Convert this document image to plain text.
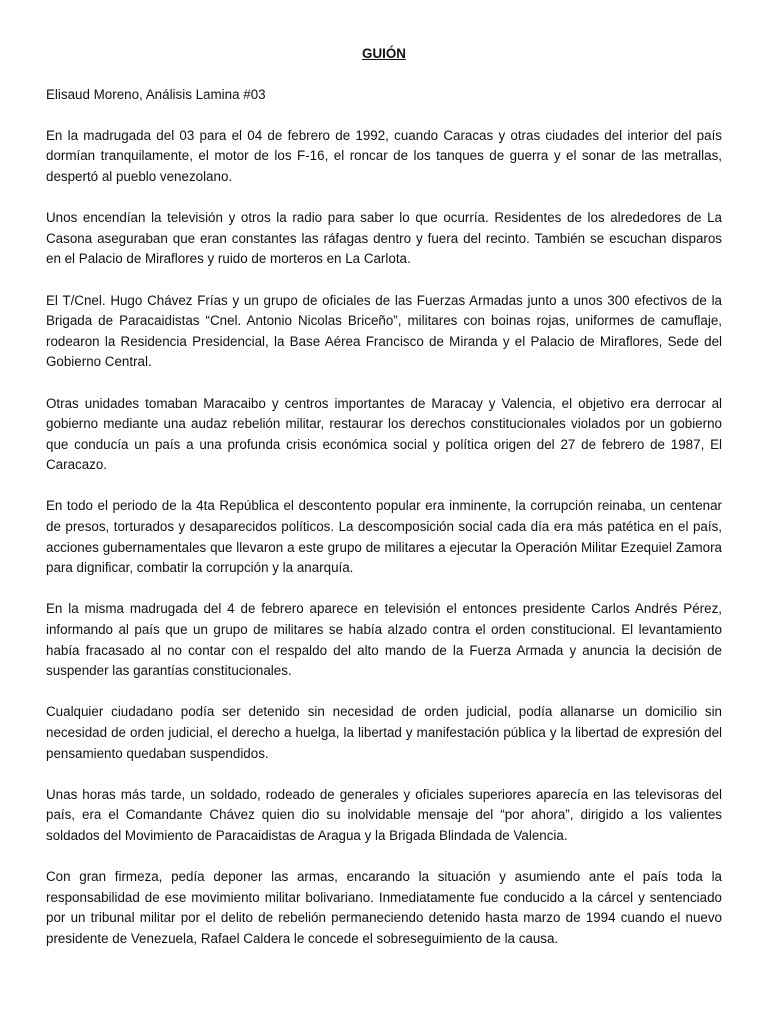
GUIÓN
Elisaud Moreno, Análisis Lamina #03

En la madrugada del 03 para el 04 de febrero de 1992, cuando Caracas y otras ciudades del interior del país dormían tranquilamente, el motor de los F-16, el roncar de los tanques de guerra y el sonar de las metrallas, despertó al pueblo venezolano.

Unos encendían la televisión y otros la radio para saber lo que ocurría. Residentes de los alrededores de La Casona aseguraban que eran constantes las ráfagas dentro y fuera del recinto. También se escuchan disparos en el Palacio de Miraflores y ruido de morteros en La Carlota.

El T/Cnel. Hugo Chávez Frías y un grupo de oficiales de las Fuerzas Armadas junto a unos 300 efectivos de la Brigada de Paracaidistas “Cnel. Antonio Nicolas Briceño”, militares con boinas rojas, uniformes de camuflaje, rodearon la Residencia Presidencial, la Base Aérea Francisco de Miranda y el Palacio de Miraflores, Sede del Gobierno Central.

Otras unidades tomaban Maracaibo y centros importantes de Maracay y Valencia, el objetivo era derrocar al gobierno mediante una audaz rebelión militar, restaurar los derechos constitucionales violados por un gobierno que conducía un país a una profunda crisis económica social y política origen del 27 de febrero de 1987, El Caracazo.

En todo el periodo de la 4ta República el descontento popular era inminente, la corrupción reinaba, un centenar de presos, torturados y desaparecidos políticos. La descomposición social cada día era más patética en el país, acciones gubernamentales que llevaron a este grupo de militares a ejecutar la Operación Militar Ezequiel Zamora para dignificar, combatir la corrupción y la anarquía.

En la misma madrugada del 4 de febrero aparece en televisión el entonces presidente Carlos Andrés Pérez, informando al país que un grupo de militares se había alzado contra el orden constitucional. El levantamiento había fracasado al no contar con el respaldo del alto mando de la Fuerza Armada y anuncia la decisión de suspender las garantías constitucionales.

Cualquier ciudadano podía ser detenido sin necesidad de orden judicial, podía allanarse un domicilio sin necesidad de orden judicial, el derecho a huelga, la libertad y manifestación pública y la libertad de expresión del pensamiento quedaban suspendidos.

Unas horas más tarde, un soldado, rodeado de generales y oficiales superiores aparecía en las televisoras del país, era el Comandante Chávez quien dio su inolvidable mensaje del “por ahora”, dirigido a los valientes soldados del Movimiento de Paracaidistas de Aragua y la Brigada Blindada de Valencia.

Con gran firmeza, pedía deponer las armas, encarando la situación y asumiendo ante el país toda la responsabilidad de ese movimiento militar bolivariano. Inmediatamente fue conducido a la cárcel y sentenciado por un tribunal militar por el delito de rebelión permaneciendo detenido hasta marzo de 1994 cuando el nuevo presidente de Venezuela, Rafael Caldera le concede el sobreseguimiento de la causa.
